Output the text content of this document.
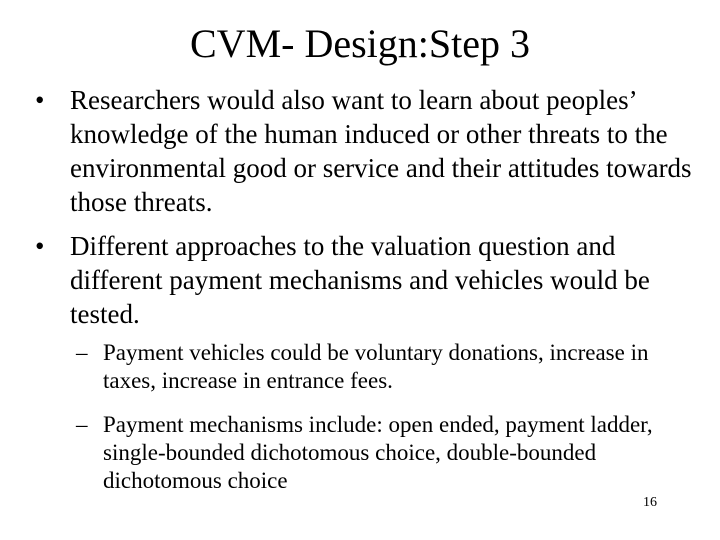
CVM- Design:Step 3
• Researchers would also want to learn about peoples’ knowledge of the human induced or other threats to the environmental good or service and their attitudes towards those threats.
• Different approaches to the valuation question and different payment mechanisms and vehicles would be tested.
– Payment vehicles could be voluntary donations, increase in taxes, increase in entrance fees.
– Payment mechanisms include: open ended, payment ladder, single-bounded dichotomous choice, double-bounded dichotomous choice
16
